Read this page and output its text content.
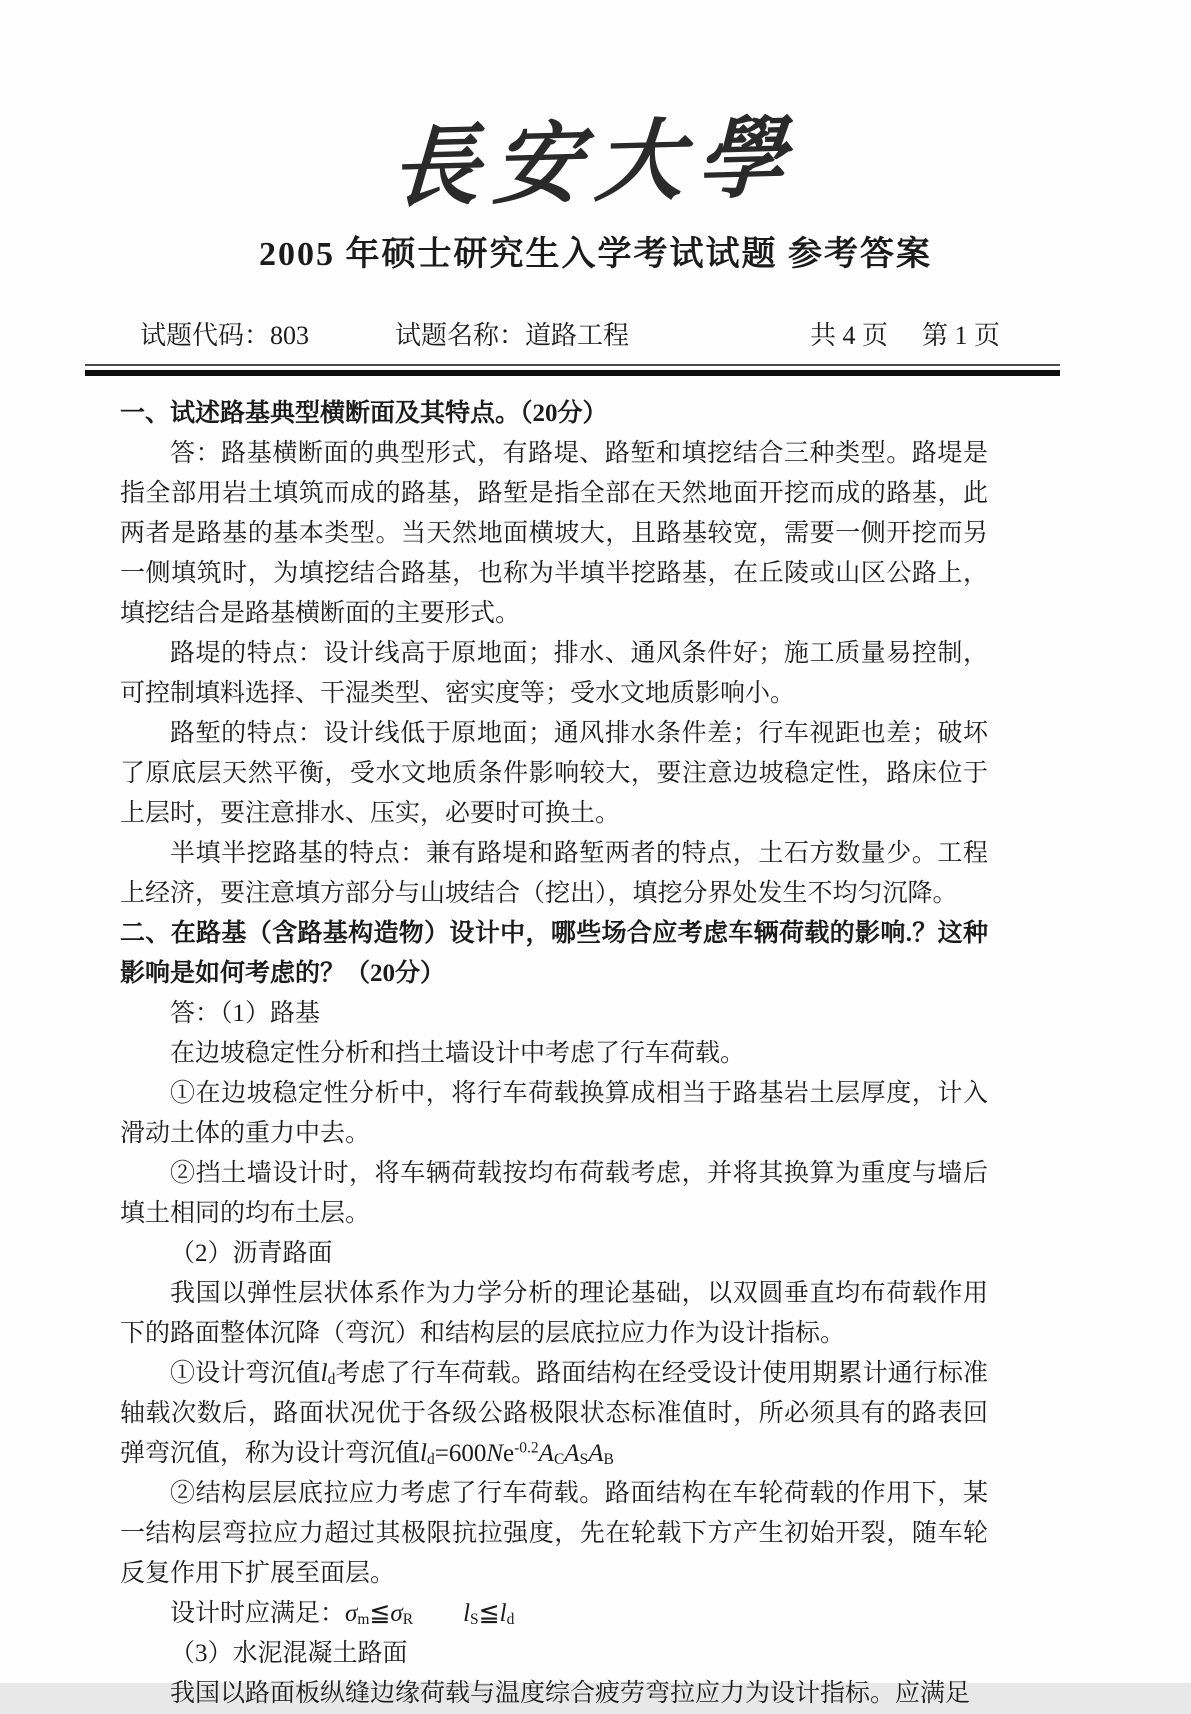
長安大學
2005 年硕士研究生入学考试试题 参考答案
试题代码：803	试题名称：道路工程	共 4 页 第 1 页

一、试述路基典型横断面及其特点。（20分）

答：路基横断面的典型形式，有路堤、路堑和填挖结合三种类型。路堤是指全部用岩土填筑而成的路基，路堑是指全部在天然地面开挖而成的路基，此两者是路基的基本类型。当天然地面横坡大，且路基较宽，需要一侧开挖而另一侧填筑时，为填挖结合路基，也称为半填半挖路基，在丘陵或山区公路上，填挖结合是路基横断面的主要形式。

路堤的特点：设计线高于原地面；排水、通风条件好；施工质量易控制，可控制填料选择、干湿类型、密实度等；受水文地质影响小。

路堑的特点：设计线低于原地面；通风排水条件差；行车视距也差；破坏了原底层天然平衡，受水文地质条件影响较大，要注意边坡稳定性，路床位于上层时，要注意排水、压实，必要时可换土。

半填半挖路基的特点：兼有路堤和路堑两者的特点，土石方数量少。工程上经济，要注意填方部分与山坡结合（挖出），填挖分界处发生不均匀沉降。

二、在路基（含路基构造物）设计中，哪些场合应考虑车辆荷载的影响.？这种影响是如何考虑的？（20分）

答：（1）路基

在边坡稳定性分析和挡土墙设计中考虑了行车荷载。

①在边坡稳定性分析中，将行车荷载换算成相当于路基岩土层厚度，计入滑动土体的重力中去。

②挡土墙设计时，将车辆荷载按均布荷载考虑，并将其换算为重度与墙后填土相同的均布土层。

（2）沥青路面

我国以弹性层状体系作为力学分析的理论基础，以双圆垂直均布荷载作用下的路面整体沉降（弯沉）和结构层的层底拉应力作为设计指标。

①设计弯沉值$l_d$考虑了行车荷载。路面结构在经受设计使用期累计通行标准轴载次数后，路面状况优于各级公路极限状态标准值时，所必须具有的路表回弹弯沉值，称为设计弯沉值$l_d=600Ne^{-0.2}A_CA_SA_B$

②结构层层底拉应力考虑了行车荷载。路面结构在车轮荷载的作用下，某一结构层弯拉应力超过其极限抗拉强度，先在轮载下方产生初始开裂，随车轮反复作用下扩展至面层。

设计时应满足：$\sigma_m≦\sigma_R$　　 $l_S≦l_d$

（3）水泥混凝土路面

我国以路面板纵缝边缘荷载与温度综合疲劳弯拉应力为设计指标。应满足
